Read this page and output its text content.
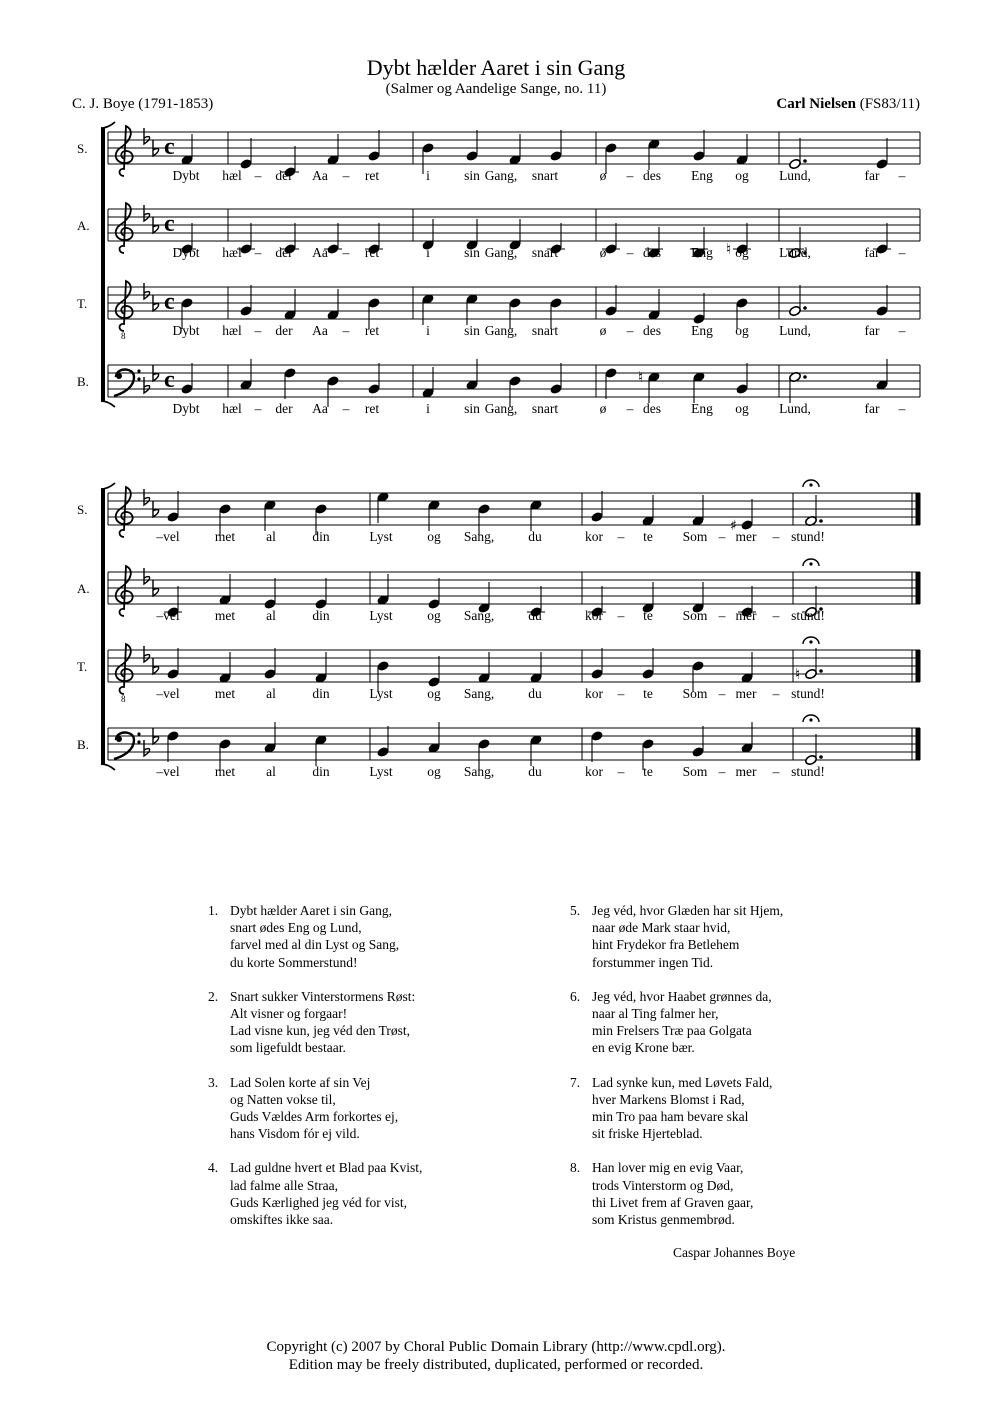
Dybt hælder Aaret i sin Gang
(Salmer og Aandelige Sange, no. 11)
C. J. Boye (1791-1853)	Carl Nielsen (FS83/11)
S.	c
Dybt hæl – der Aa – ret	i	sin Gang, snart	ø – des Eng og Lund,	far –
A.	c
♮
Dybt hæl – der Aa – ret	i	sin Gang, snart	ø – des Eng og Lund,	far –
T.
8
c
Dybt hæl – der Aa – ret	i	sin Gang, snart	ø – des Eng og Lund,	far –
B.	c	♮
Dybt hæl – der Aa – ret	i	sin Gang, snart	ø – des Eng og Lund,	far –
S.
♯
–vel	met al	din	Lyst	og Sang,	du	kor – te Som – mer – stund!
A.
–vel	met al	din	Lyst	og Sang,	du	kor – te Som – mer – stund!
T.
8
♮
–vel	met al	din	Lyst	og Sang,	du	kor – te Som – mer – stund!
B.
–vel	met al	din	Lyst	og Sang,	du	kor – te Som – mer – stund!
1. Dybt hælder Aaret i sin Gang,
snart ødes Eng og Lund,
farvel med al din Lyst og Sang,
du korte Sommerstund!
2. Snart sukker Vinterstormens Røst:
Alt visner og forgaar!
Lad visne kun, jeg véd den Trøst,
som ligefuldt bestaar.
3. Lad Solen korte af sin Vej
og Natten vokse til,
Guds Vældes Arm forkortes ej,
hans Visdom fór ej vild.
4. Lad guldne hvert et Blad paa Kvist,
lad falme alle Straa,
Guds Kærlighed jeg véd for vist,
omskiftes ikke saa.
5. Jeg véd, hvor Glæden har sit Hjem,
naar øde Mark staar hvid,
hint Frydekor fra Betlehem
forstummer ingen Tid.
6. Jeg véd, hvor Haabet grønnes da,
naar al Ting falmer her,
min Frelsers Træ paa Golgata
en evig Krone bær.
7. Lad synke kun, med Løvets Fald,
hver Markens Blomst i Rad,
min Tro paa ham bevare skal
sit friske Hjerteblad.
8. Han lover mig en evig Vaar,
trods Vinterstorm og Død,
thi Livet frem af Graven gaar,
som Kristus genmembrød.
Caspar Johannes Boye
Copyright (c) 2007 by Choral Public Domain Library (http://www.cpdl.org).
Edition may be freely distributed, duplicated, performed or recorded.
